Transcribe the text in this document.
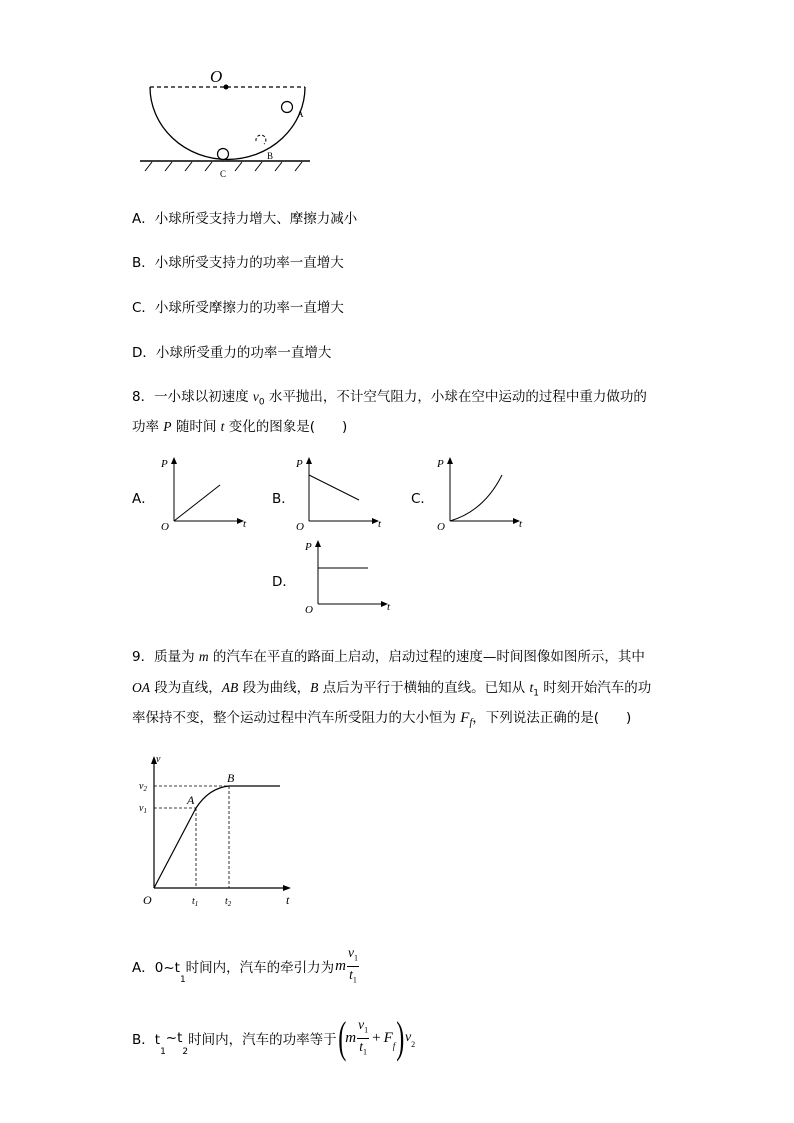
O
A
B
C
A．小球所受支持力增大、摩擦力减小
B．小球所受支持力的功率一直增大
C．小球所受摩擦力的功率一直增大
D．小球所受重力的功率一直增大
8．一小球以初速度 $v_0$ 水平抛出，不计空气阻力，小球在空中运动的过程中重力做功的
功率 P 随时间 t 变化的图象是(　　)
A．
P
t
O
B．
P
t
O
C．
P
t
O
D．
P
t
O
9．质量为 m 的汽车在平直的路面上启动，启动过程的速度—时间图像如图所示，其中
OA 段为直线，AB 段为曲线，B 点后为平行于横轴的直线。已知从 $t_1$ 时刻开始汽车的功
率保持不变，整个运动过程中汽车所受阻力的大小恒为 $F_f$，下列说法正确的是(　　)
v
t
O
$v_2$
$v_1$
$t_1$	$t_2$
A
B
A．0~t
$_1$
时间内，汽车的牵引力为 m
$v_1$
$t_1$
B．t
$_1$
~t
2
时间内，汽车的功率等于 ( m
$v_1$
$t_1$
+ F
$_f$ ) $v_2$
